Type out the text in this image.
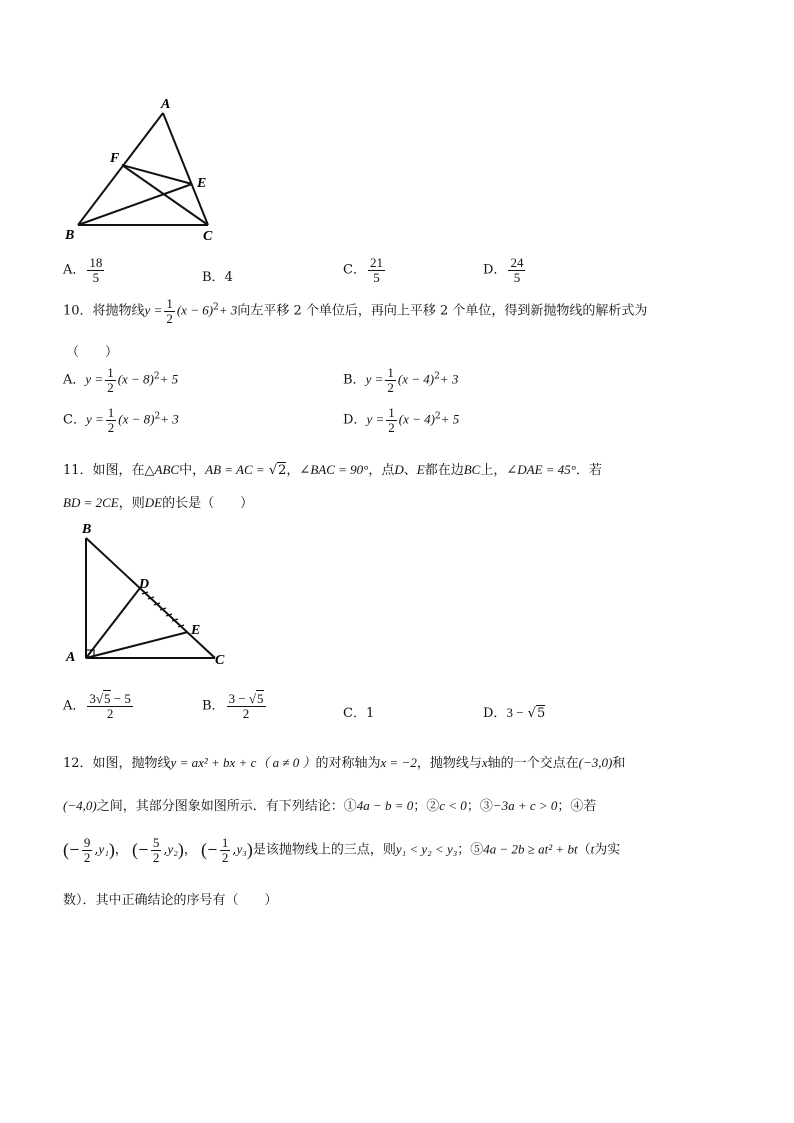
A
F
E
B	C
A． $\frac{18}{5}$	B．4	C． $\frac{21}{5}$	D． $\frac{24}{5}$
10．将抛物线$y = \frac{1}{2} (x - 6)^2+ 3$向左平移 2 个单位后，再向上平移 2 个单位，得到新抛物线的解析式为
（　　）
A．$y = \frac{1}{2} (x - 8)^2+ 5$	B．$y = \frac{1}{2} (x - 4)^2+ 3$
C．$y = \frac{1}{2} (x - 8)^2+ 3$	D．$y = \frac{1}{2} (x - 4)^2+ 5$
11．如图，在△ABC中，AB = AC = √2，∠BAC = 90°，点D、E都在边BC上，∠DAE = 45°．若
BD = 2CE，则DE的长是（　　）
B
D
E
A	C
A． $\frac{3√5 - 5}{2}$	B． $\frac{3 - √5}{2}$	C．1	D．3 − √5
12．如图，抛物线y = ax² + bx + c（ a ≠ 0 ）的对称轴为x = −2，抛物线与x轴的一个交点在(−3,0)和
(−4,0)之间，其部分图象如图所示．有下列结论：①4a − b = 0；②c < 0；③−3a + c > 0；④若
(− $\frac{9}{2} ,y_1$)， (− $\frac{5}{2} ,y_2$)， (− $\frac{1}{2} ,y_3$)是该抛物线上的三点，则y₁ < y₂ < y₃；⑤4a − 2b ≥ at² + bt（t为实
数）．其中正确结论的序号有（　　）
